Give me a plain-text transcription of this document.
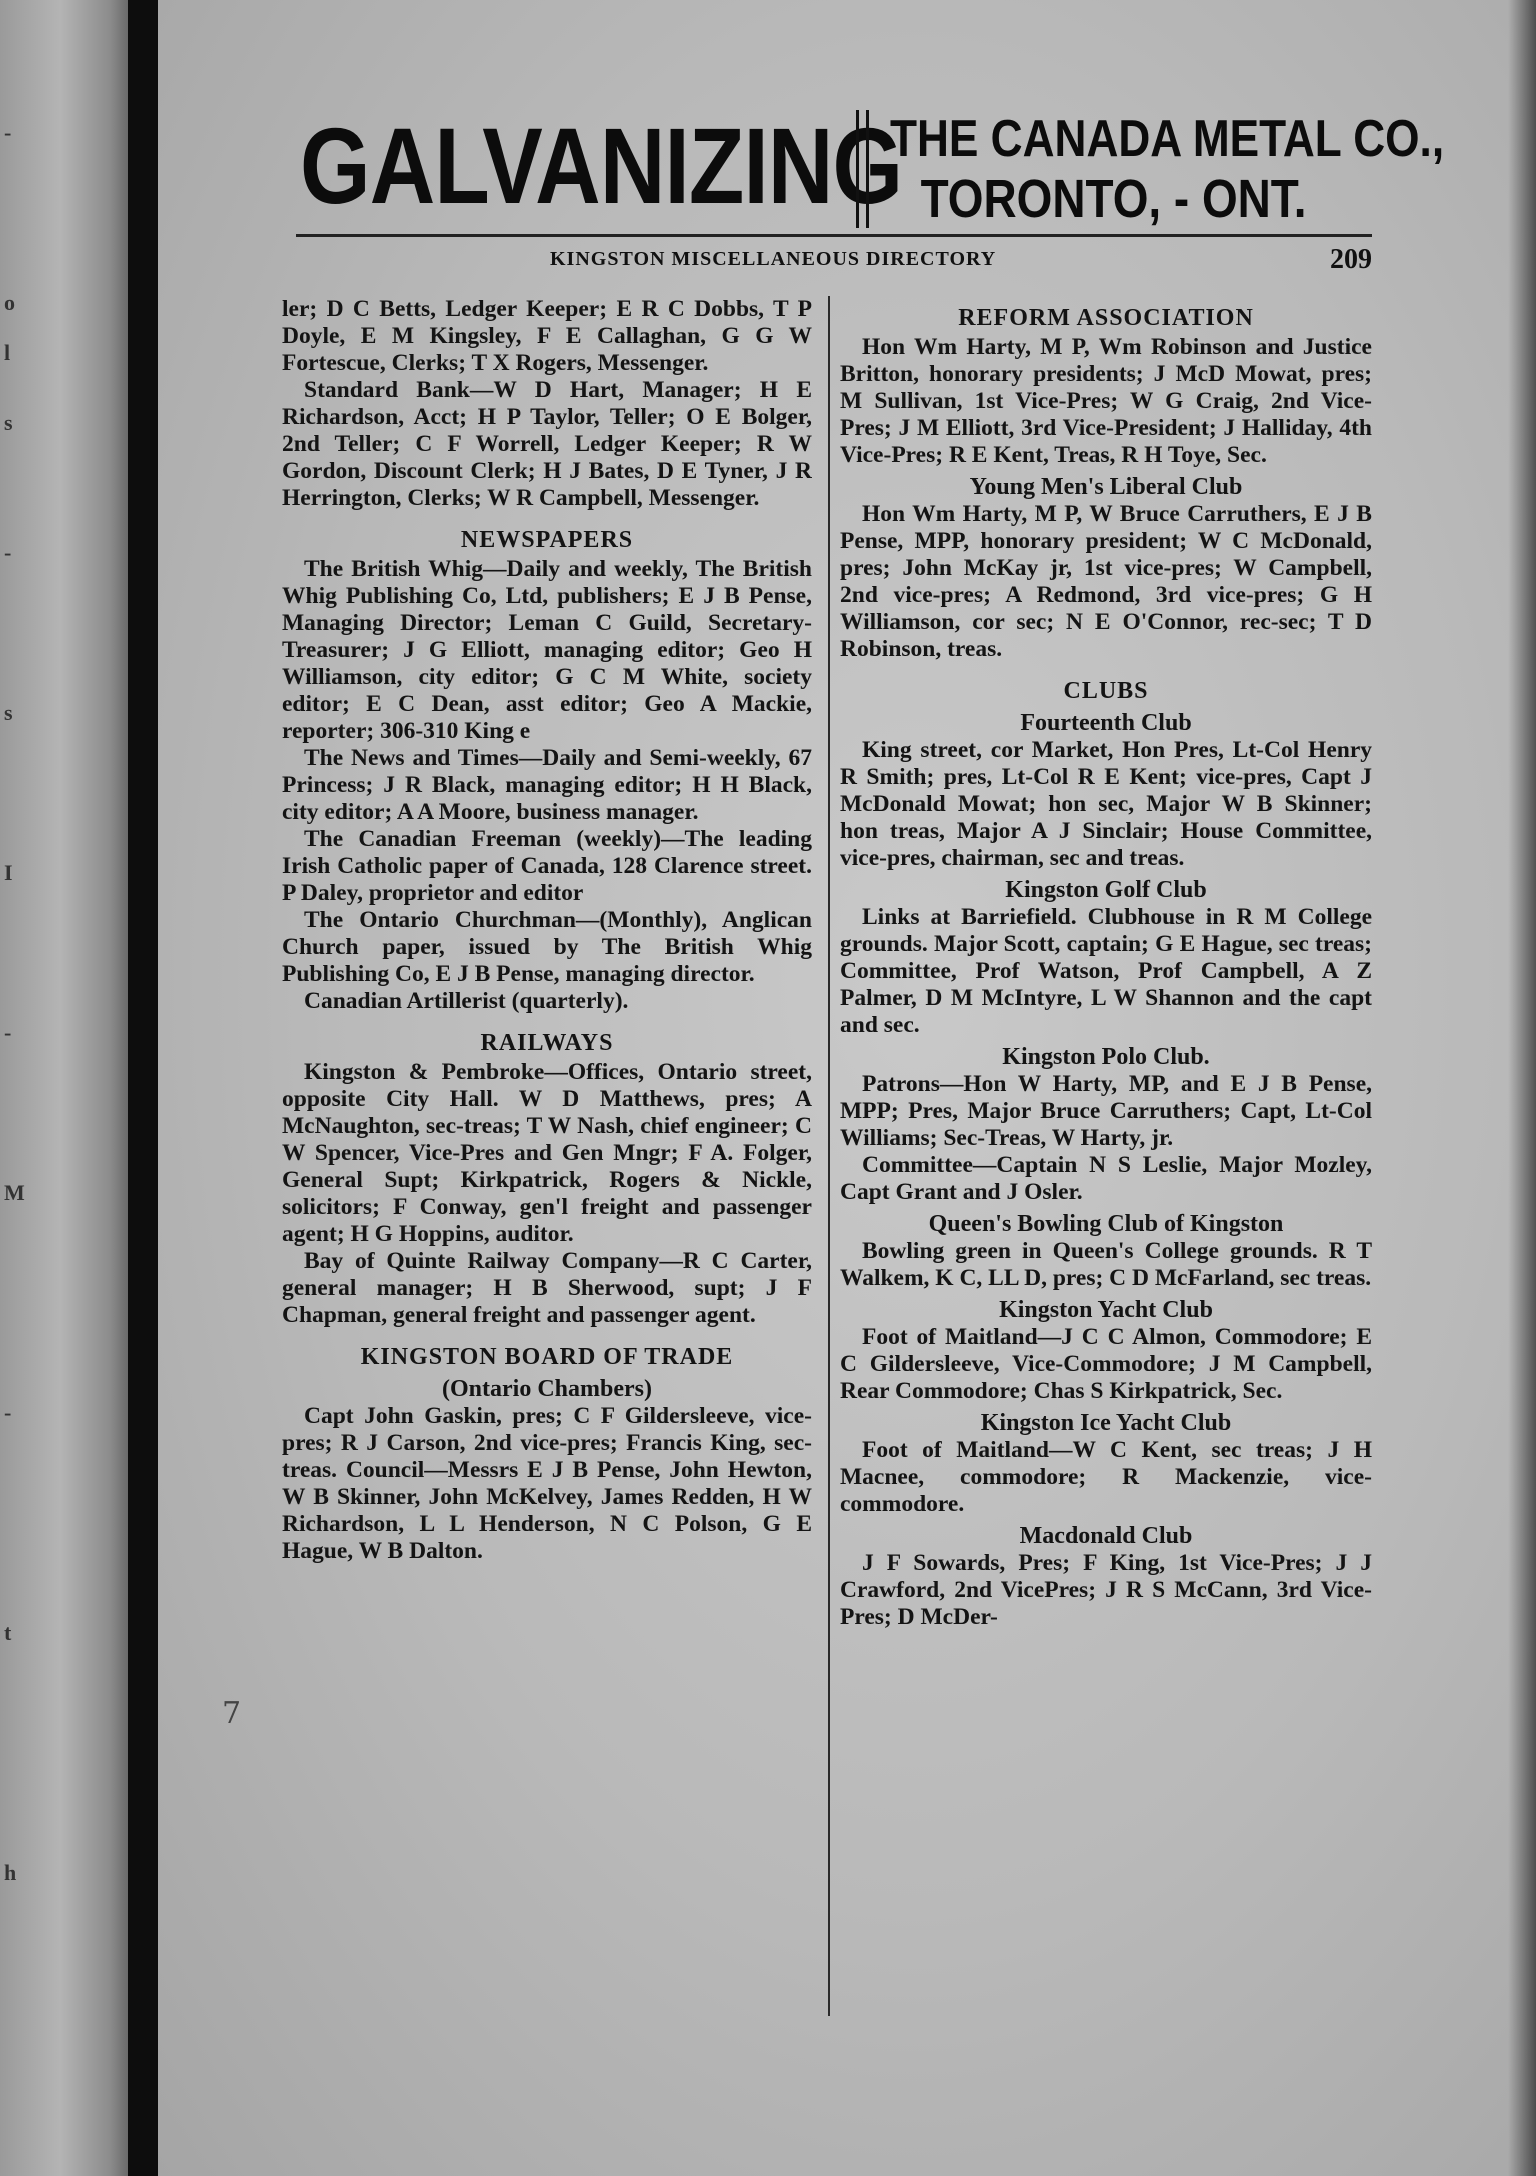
-
o
l
s
-
s
I
-
M
-
t
h
GALVANIZING
THE CANADA METAL CO.,
TORONTO, - ONT.
KINGSTON MISCELLANEOUS DIRECTORY	209

ler; D C Betts, Ledger Keeper; E R C Dobbs, T P Doyle, E M Kingsley, F E Callaghan, G G W Fortescue, Clerks; T X Rogers, Messenger.

Standard Bank—W D Hart, Manager; H E Richardson, Acct; H P Taylor, Teller; O E Bolger, 2nd Teller; C F Worrell, Ledger Keeper; R W Gordon, Discount Clerk; H J Bates, D E Tyner, J R Herrington, Clerks; W R Campbell, Messenger.

NEWSPAPERS

The British Whig—Daily and weekly, The British Whig Publishing Co, Ltd, publishers; E J B Pense, Managing Director; Leman C Guild, Secretary-Treasurer; J G Elliott, managing editor; Geo H Williamson, city editor; G C M White, society editor; E C Dean, asst editor; Geo A Mackie, reporter; 306-310 King e

The News and Times—Daily and Semi-weekly, 67 Princess; J R Black, managing editor; H H Black, city editor; A A Moore, business manager.

The Canadian Freeman (weekly)—The leading Irish Catholic paper of Canada, 128 Clarence street. P Daley, proprietor and editor

The Ontario Churchman—(Monthly), Anglican Church paper, issued by The British Whig Publishing Co, E J B Pense, managing director.

Canadian Artillerist (quarterly).

RAILWAYS

Kingston & Pembroke—Offices, Ontario street, opposite City Hall. W D Matthews, pres; A McNaughton, sec-treas; T W Nash, chief engineer; C W Spencer, Vice-Pres and Gen Mngr; F A. Folger, General Supt; Kirkpatrick, Rogers & Nickle, solicitors; F Conway, gen'l freight and passenger agent; H G Hoppins, auditor.

Bay of Quinte Railway Company—R C Carter, general manager; H B Sherwood, supt; J F Chapman, general freight and passenger agent.

KINGSTON BOARD OF TRADE
(Ontario Chambers)

Capt John Gaskin, pres; C F Gildersleeve, vice-pres; R J Carson, 2nd vice-pres; Francis King, sec-treas. Council—Messrs E J B Pense, John Hewton, W B Skinner, John McKelvey, James Redden, H W Richardson, L L Henderson, N C Polson, G E Hague, W B Dalton.

REFORM ASSOCIATION

Hon Wm Harty, M P, Wm Robinson and Justice Britton, honorary presidents; J McD Mowat, pres; M Sullivan, 1st Vice-Pres; W G Craig, 2nd Vice-Pres; J M Elliott, 3rd Vice-President; J Halliday, 4th Vice-Pres; R E Kent, Treas, R H Toye, Sec.

Young Men's Liberal Club

Hon Wm Harty, M P, W Bruce Carruthers, E J B Pense, MPP, honorary president; W C McDonald, pres; John McKay jr, 1st vice-pres; W Campbell, 2nd vice-pres; A Redmond, 3rd vice-pres; G H Williamson, cor sec; N E O'Connor, rec-sec; T D Robinson, treas.

CLUBS
Fourteenth Club

King street, cor Market, Hon Pres, Lt-Col Henry R Smith; pres, Lt-Col R E Kent; vice-pres, Capt J McDonald Mowat; hon sec, Major W B Skinner; hon treas, Major A J Sinclair; House Committee, vice-pres, chairman, sec and treas.

Kingston Golf Club

Links at Barriefield. Clubhouse in R M College grounds. Major Scott, captain; G E Hague, sec treas; Committee, Prof Watson, Prof Campbell, A Z Palmer, D M McIntyre, L W Shannon and the capt and sec.

Kingston Polo Club.

Patrons—Hon W Harty, MP, and E J B Pense, MPP; Pres, Major Bruce Carruthers; Capt, Lt-Col Williams; Sec-Treas, W Harty, jr.

Committee—Captain N S Leslie, Major Mozley, Capt Grant and J Osler.

Queen's Bowling Club of Kingston

Bowling green in Queen's College grounds. R T Walkem, K C, LL D, pres; C D McFarland, sec treas.

Kingston Yacht Club

Foot of Maitland—J C C Almon, Commodore; E C Gildersleeve, Vice-Commodore; J M Campbell, Rear Commodore; Chas S Kirkpatrick, Sec.

Kingston Ice Yacht Club

Foot of Maitland—W C Kent, sec treas; J H Macnee, commodore; R Mackenzie, vice-commodore.

Macdonald Club

J F Sowards, Pres; F King, 1st Vice-Pres; J J Crawford, 2nd VicePres; J R S McCann, 3rd Vice-Pres; D McDer-

7
